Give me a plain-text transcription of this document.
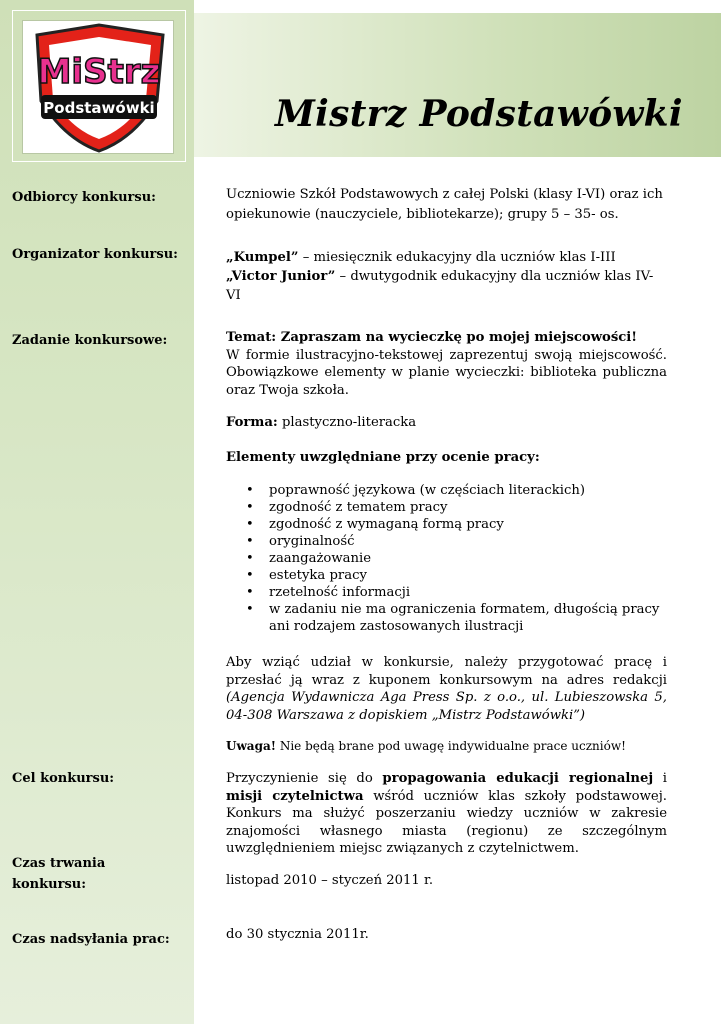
MiStrz
Podstawówki	Mistrz Podstawówki
Odbiorcy konkursu:
Organizator konkursu:
Zadanie konkursowe:
Cel konkursu:
Czas trwania konkursu:
Czas nadsyłania prac:
Uczniowie Szkół Podstawowych z całej Polski (klasy I-VI) oraz ich opiekunowie (nauczyciele, bibliotekarze); grupy 5 – 35- os.
„Kumpel” – miesięcznik edukacyjny dla uczniów klas I-III
„Victor Junior” – dwutygodnik edukacyjny dla uczniów klas IV-VI
Temat: Zapraszam na wycieczkę po mojej miejscowości!
W formie ilustracyjno-tekstowej zaprezentuj swoją miejscowość. Obowiązkowe elementy w planie wycieczki: biblioteka publiczna oraz Twoja szkoła.
Forma: plastyczno-literacka
Elementy uwzględniane przy ocenie pracy:
• poprawność językowa (w częściach literackich)
• zgodność z tematem pracy
• zgodność z wymaganą formą pracy
• oryginalność
• zaangażowanie
• estetyka pracy
• rzetelność informacji
• w zadaniu nie ma ograniczenia formatem, długością pracy ani rodzajem zastosowanych ilustracji
Aby wziąć udział w konkursie, należy przygotować pracę i przesłać ją wraz z kuponem konkursowym na adres redakcji (Agencja Wydawnicza Aga Press Sp. z o.o., ul. Lubieszowska 5, 04-308 Warszawa z dopiskiem „Mistrz Podstawówki”)
Uwaga! Nie będą brane pod uwagę indywidualne prace uczniów!
Przyczynienie się do propagowania edukacji regionalnej i misji czytelnictwa wśród uczniów klas szkoły podstawowej. Konkurs ma służyć poszerzaniu wiedzy uczniów w zakresie znajomości własnego miasta (regionu) ze szczególnym uwzględnieniem miejsc związanych z czytelnictwem.
listopad 2010 – styczeń 2011 r.
do 30 stycznia 2011r.
